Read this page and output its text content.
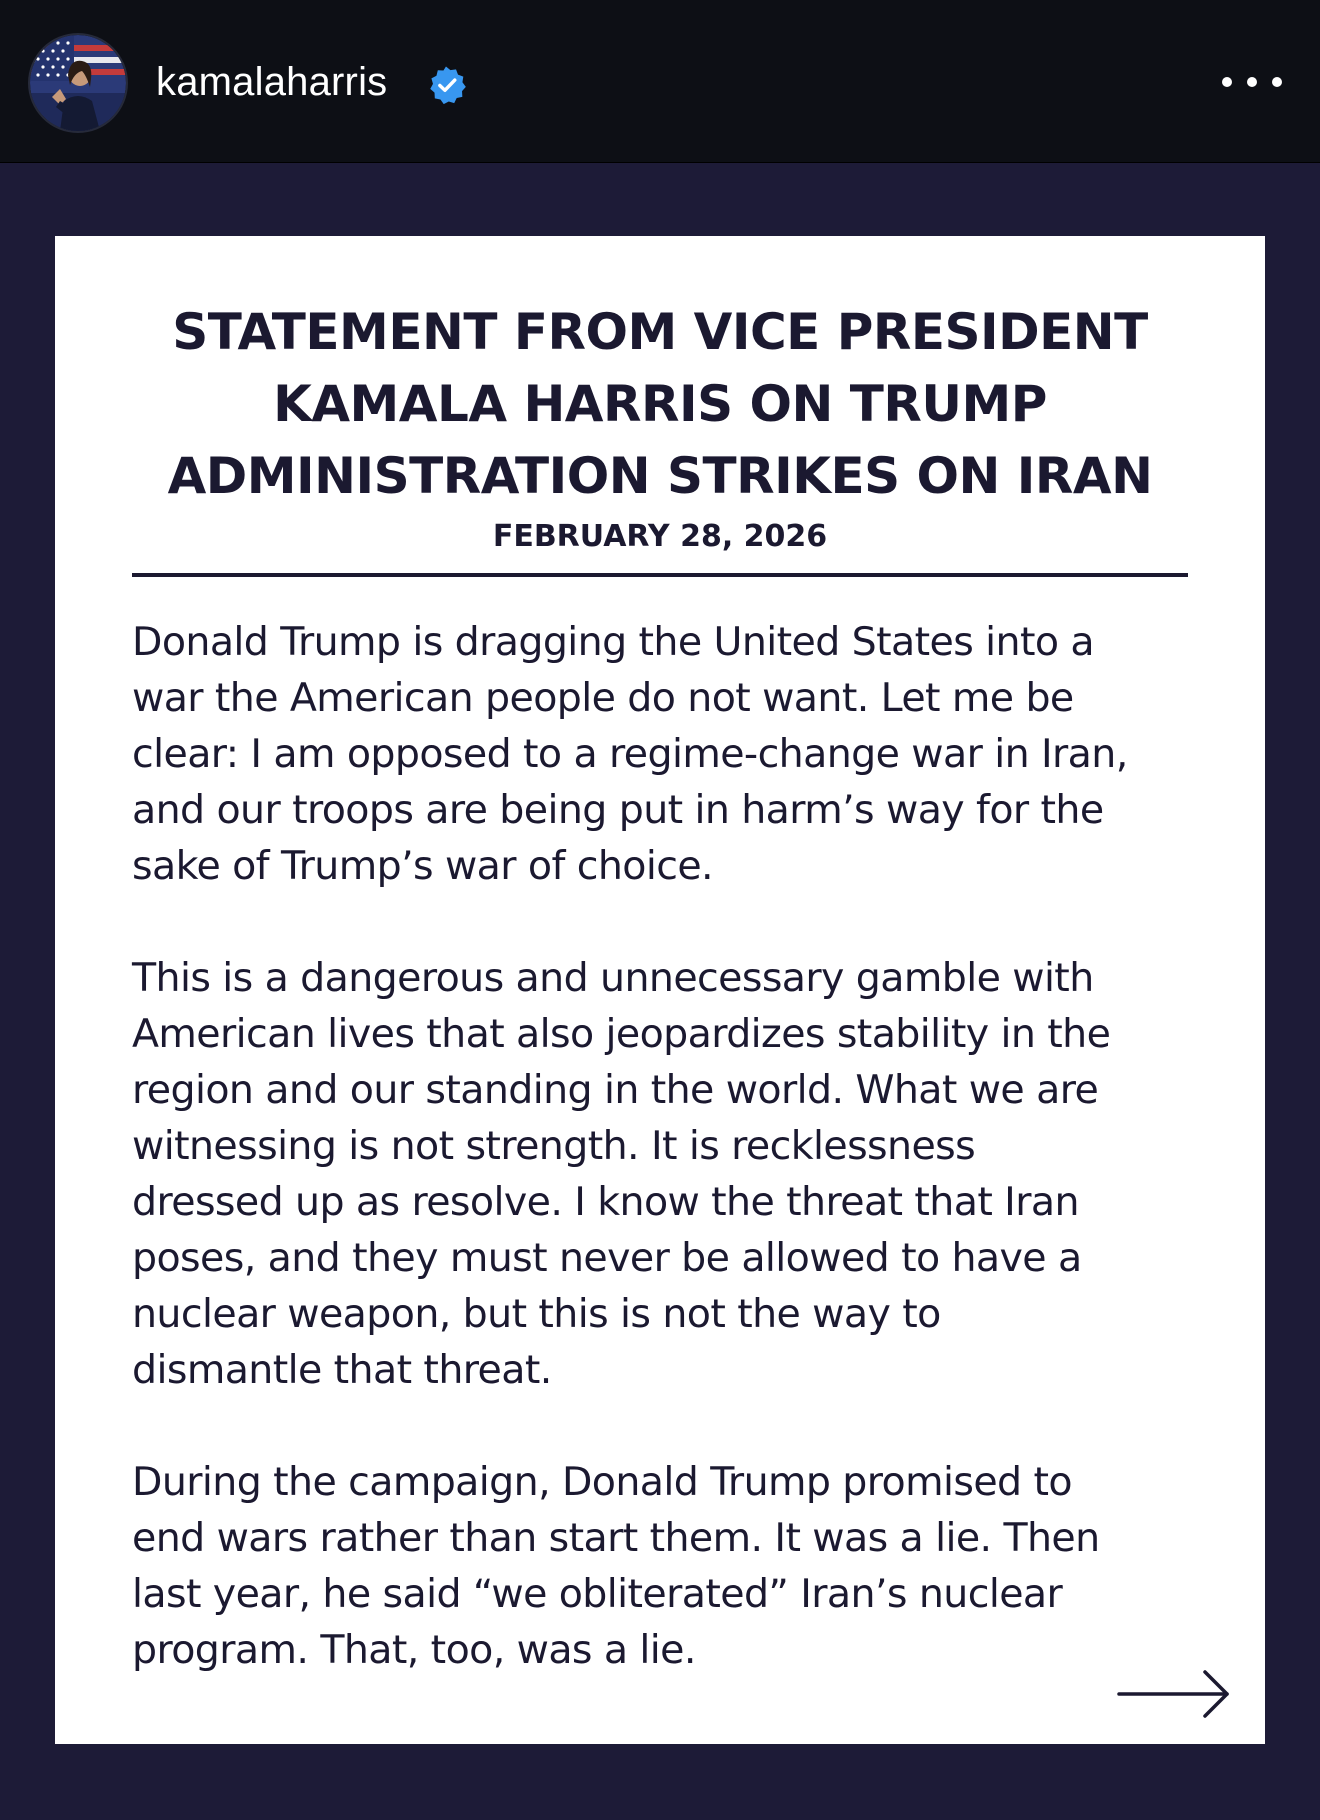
kamalaharris
STATEMENT FROM VICE PRESIDENT
KAMALA HARRIS ON TRUMP
ADMINISTRATION STRIKES ON IRAN
FEBRUARY 28, 2026

Donald Trump is dragging the United States into a
war the American people do not want. Let me be
clear: I am opposed to a regime-change war in Iran,
and our troops are being put in harm’s way for the
sake of Trump’s war of choice.

This is a dangerous and unnecessary gamble with
American lives that also jeopardizes stability in the
region and our standing in the world. What we are
witnessing is not strength. It is recklessness
dressed up as resolve. I know the threat that Iran
poses, and they must never be allowed to have a
nuclear weapon, but this is not the way to
dismantle that threat.

During the campaign, Donald Trump promised to
end wars rather than start them. It was a lie. Then
last year, he said “we obliterated” Iran’s nuclear
program. That, too, was a lie.
